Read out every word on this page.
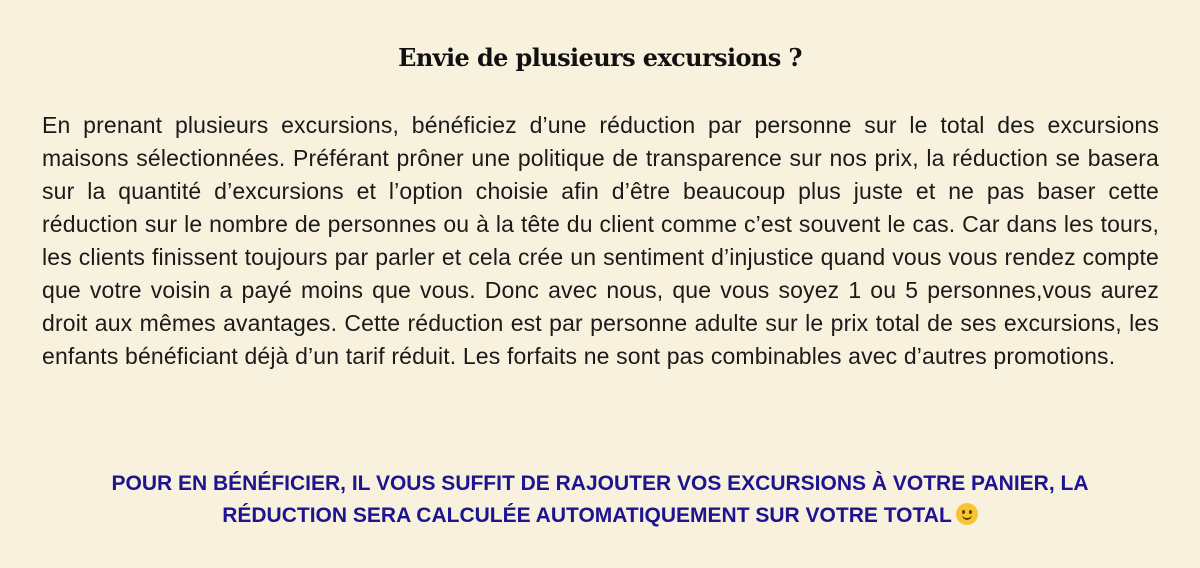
Envie de plusieurs excursions ?

En prenant plusieurs excursions, bénéficiez d’une réduction par personne sur le total des excursions maisons sélectionnées. Préférant prôner une politique de transparence sur nos prix, la réduction se basera sur la quantité d’excursions et l’option choisie afin d’être beaucoup plus juste et ne pas baser cette réduction sur le nombre de personnes ou à la tête du client comme c’est souvent le cas. Car dans les tours, les clients finissent toujours par parler et cela crée un sentiment d’injustice quand vous vous rendez compte que votre voisin a payé moins que vous. Donc avec nous, que vous soyez 1 ou 5 personnes,vous aurez droit aux mêmes avantages. Cette réduction est par personne adulte sur le prix total de ses excursions, les enfants bénéficiant déjà d’un tarif réduit. Les forfaits ne sont pas combinables avec d’autres promotions.

POUR EN BÉNÉFICIER, IL VOUS SUFFIT DE RAJOUTER VOS EXCURSIONS À VOTRE PANIER, LA RÉDUCTION SERA CALCULÉE AUTOMATIQUEMENT SUR VOTRE TOTAL
